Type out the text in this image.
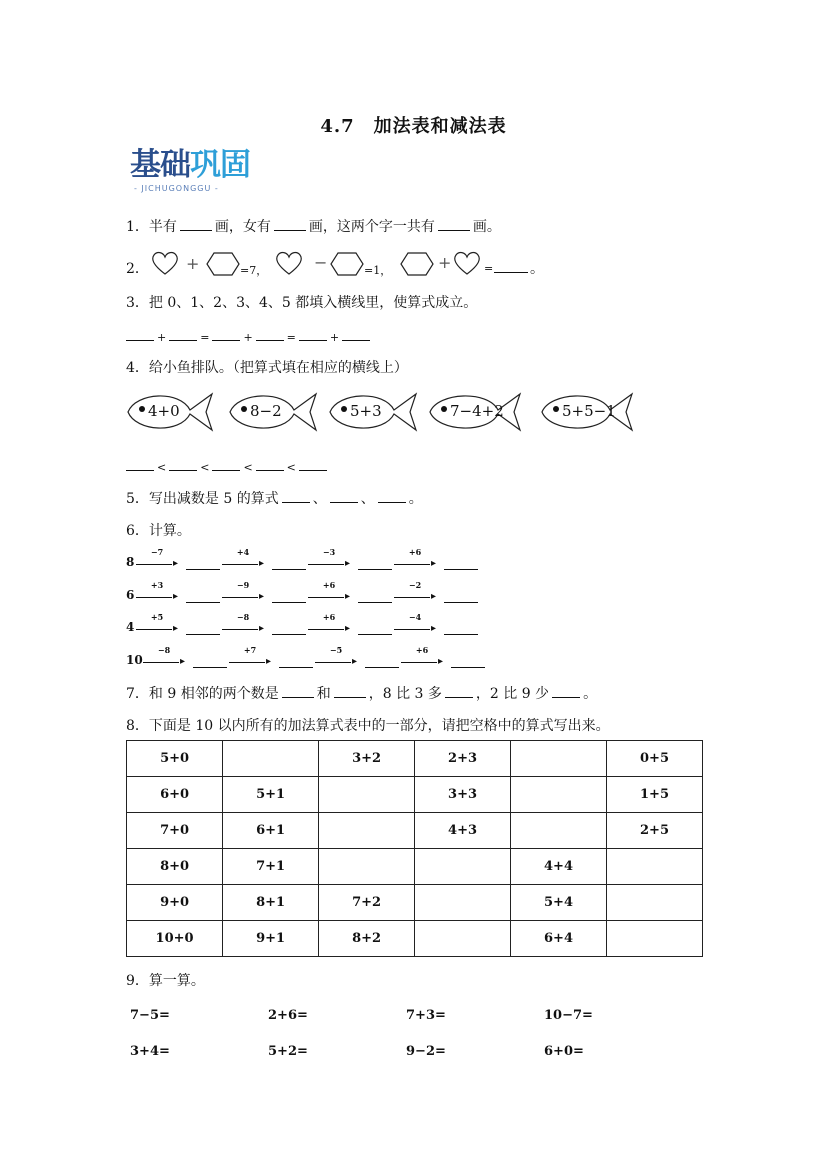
4.7　加法表和减法表
基础巩固
- JICHUGONGGU -
1．半有	画，女有	画，这两个字一共有	画。
2． +	=7，	−	=1，	+	=	。
3．把 0、1、2、3、4、5 都填入横线里，使算式成立。
+	=	+	=	+
4．给小鱼排队。（把算式填在相应的横线上）
4+0	8−2	5+3	7−4+2	5+5−1
<	<	<	<
5．写出减数是 5 的算式 、 、 。
6．计算。
8
−7
▸
+4
▸
−3
▸
+6
▸
6
+3
▸
−9
▸
+6
▸
−2
▸
4
+5
▸
−8
▸
+6
▸
−4
▸
10
−8
▸
+7
▸
−5
▸
+6
▸
7．和 9 相邻的两个数是	和	，8 比 3 多 ，2 比 9 少 。
8．下面是 10 以内所有的加法算式表中的一部分，请把空格中的算式写出来。
5+0		3+2	2+3		0+5
6+0	5+1		3+3		1+5
7+0	6+1		4+3		2+5
8+0	7+1			4+4	
9+0	8+1	7+2		5+4	
10+0	9+1	8+2		6+4	
9．算一算。
7−5=	2+6=	7+3=	10−7=
3+4=	5+2=	9−2=	6+0=
